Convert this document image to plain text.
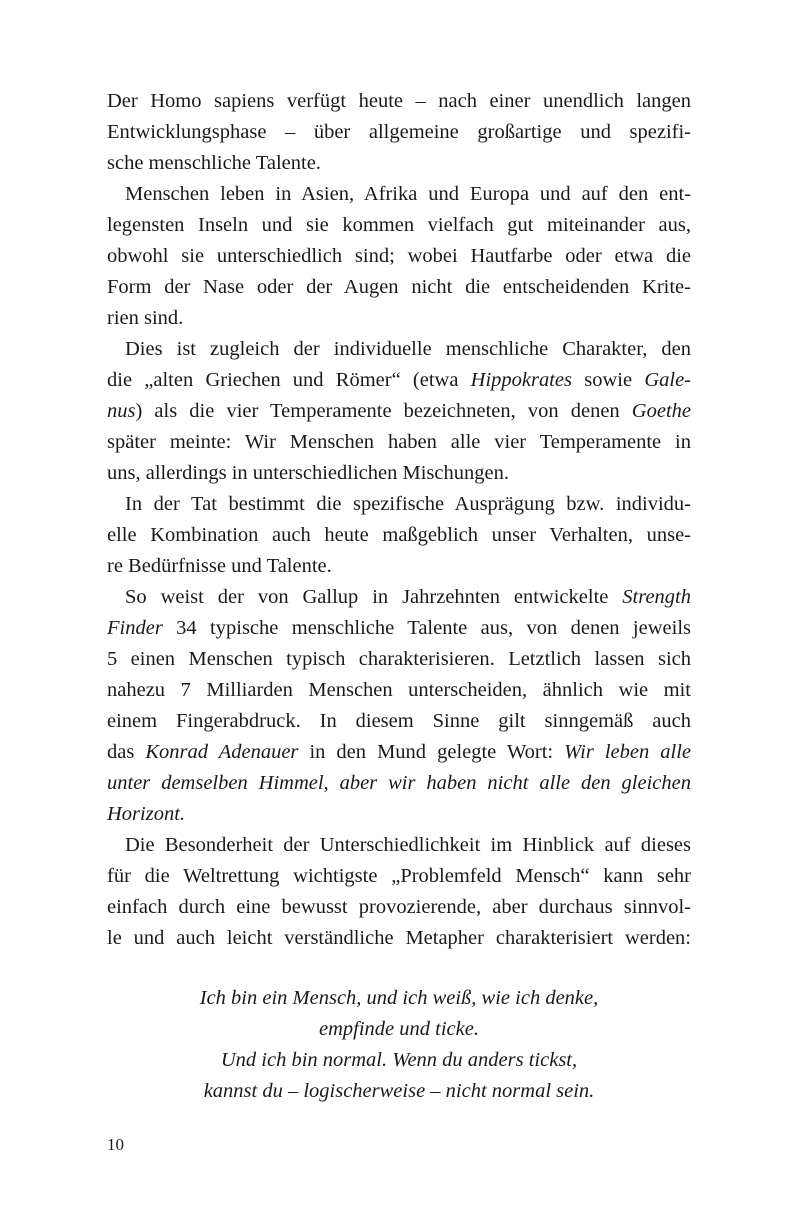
Der Homo sapiens verfügt heute – nach einer unendlich langen
Entwicklungsphase – über allgemeine großartige und spezifi-
sche menschliche Talente.
Menschen leben in Asien, Afrika und Europa und auf den ent-
legensten Inseln und sie kommen vielfach gut miteinander aus,
obwohl sie unterschiedlich sind; wobei Hautfarbe oder etwa die
Form der Nase oder der Augen nicht die entscheidenden Krite-
rien sind.
Dies ist zugleich der individuelle menschliche Charakter, den
die „alten Griechen und Römer“ (etwa Hippokrates sowie Gale-
nus) als die vier Temperamente bezeichneten, von denen Goethe
später meinte: Wir Menschen haben alle vier Temperamente in
uns, allerdings in unterschiedlichen Mischungen.
In der Tat bestimmt die spezifische Ausprägung bzw. individu-
elle Kombination auch heute maßgeblich unser Verhalten, unse-
re Bedürfnisse und Talente.
So weist der von Gallup in Jahrzehnten entwickelte Strength
Finder 34 typische menschliche Talente aus, von denen jeweils
5 einen Menschen typisch charakterisieren. Letztlich lassen sich
nahezu 7 Milliarden Menschen unterscheiden, ähnlich wie mit
einem Fingerabdruck. In diesem Sinne gilt sinngemäß auch
das Konrad Adenauer in den Mund gelegte Wort: Wir leben alle
unter demselben Himmel, aber wir haben nicht alle den gleichen
Horizont.
Die Besonderheit der Unterschiedlichkeit im Hinblick auf dieses
für die Weltrettung wichtigste „Problemfeld Mensch“ kann sehr
einfach durch eine bewusst provozierende, aber durchaus sinnvol-
le und auch leicht verständliche Metapher charakterisiert werden:
Ich bin ein Mensch, und ich weiß, wie ich denke,
empfinde und ticke.
Und ich bin normal. Wenn du anders tickst,
kannst du – logischerweise – nicht normal sein.
10
